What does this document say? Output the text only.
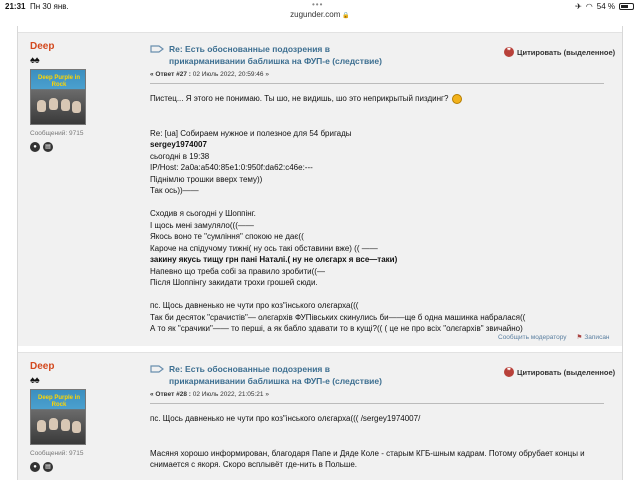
21:31 Пн 30 янв.	•••	✈ ◠ 54 %
zugunder.com 🔒
Deep
♠♠
Deep Purple in Rock
Сообщений: 9715
●	▤
Re: Есть обоснованные подозрения в
прикарманивании баблишка на ФУП-е (следствие)
❞ Цитировать (выделенное)
« Ответ #27 : 02 Июль 2022, 20:59:46 »

Пистец... Я этого не понимаю. Ты шо, не видишь, шо это неприкрытый пиздинг?

Re: [ua] Собираем нужное и полезное для 54 бригады

sergey1974007

сьогодні в 19:38

IP/Host: 2a0a:a540:85e1:0:950f:da62:c46e:---

Піднімлю трошки вверх тему))

Так ось))——

Сходив я сьогодні у Шоппінг.

І щось мені замуляло(((——

Якось воно те "сумління" спокою не дає((

Кароче на спідучому тижні( ну ось такі обставини вже) (( ——

закину якусь тищу грн пані Наталі.( ну не олєгарх я все—таки)

Напевно що треба собі за правило зробити((—

Після Шоппінгу закидати трохи грошей сюди.

пс. Щось давненько не чути про коз"інського олєгарха(((

Так би десяток "срачистів"— олєгархів ФУПівських скинулись би——ще б одна машинка набралася((

А то як "срачики"—— то перші, а як бабло здавати то в кущі?(( ( це не про всіх "олєгархів" звичайно)

Сообщить модератору ⚑ Записан
Deep
♠♠
Deep Purple in Rock
Сообщений: 9715
●	▤
Re: Есть обоснованные подозрения в
прикарманивании баблишка на ФУП-е (следствие)
❞ Цитировать (выделенное)
« Ответ #28 : 02 Июль 2022, 21:05:21 »

пс. Щось давненько не чути про коз"інського олєгарха((( /sergey1974007/

Масяня хорошо информирован, благодаря Папе и Дяде Коле - старым КГБ-шным кадрам. Потому обрубает концы и

снимается с якоря. Скоро всплывёт где-нить в Польше.
